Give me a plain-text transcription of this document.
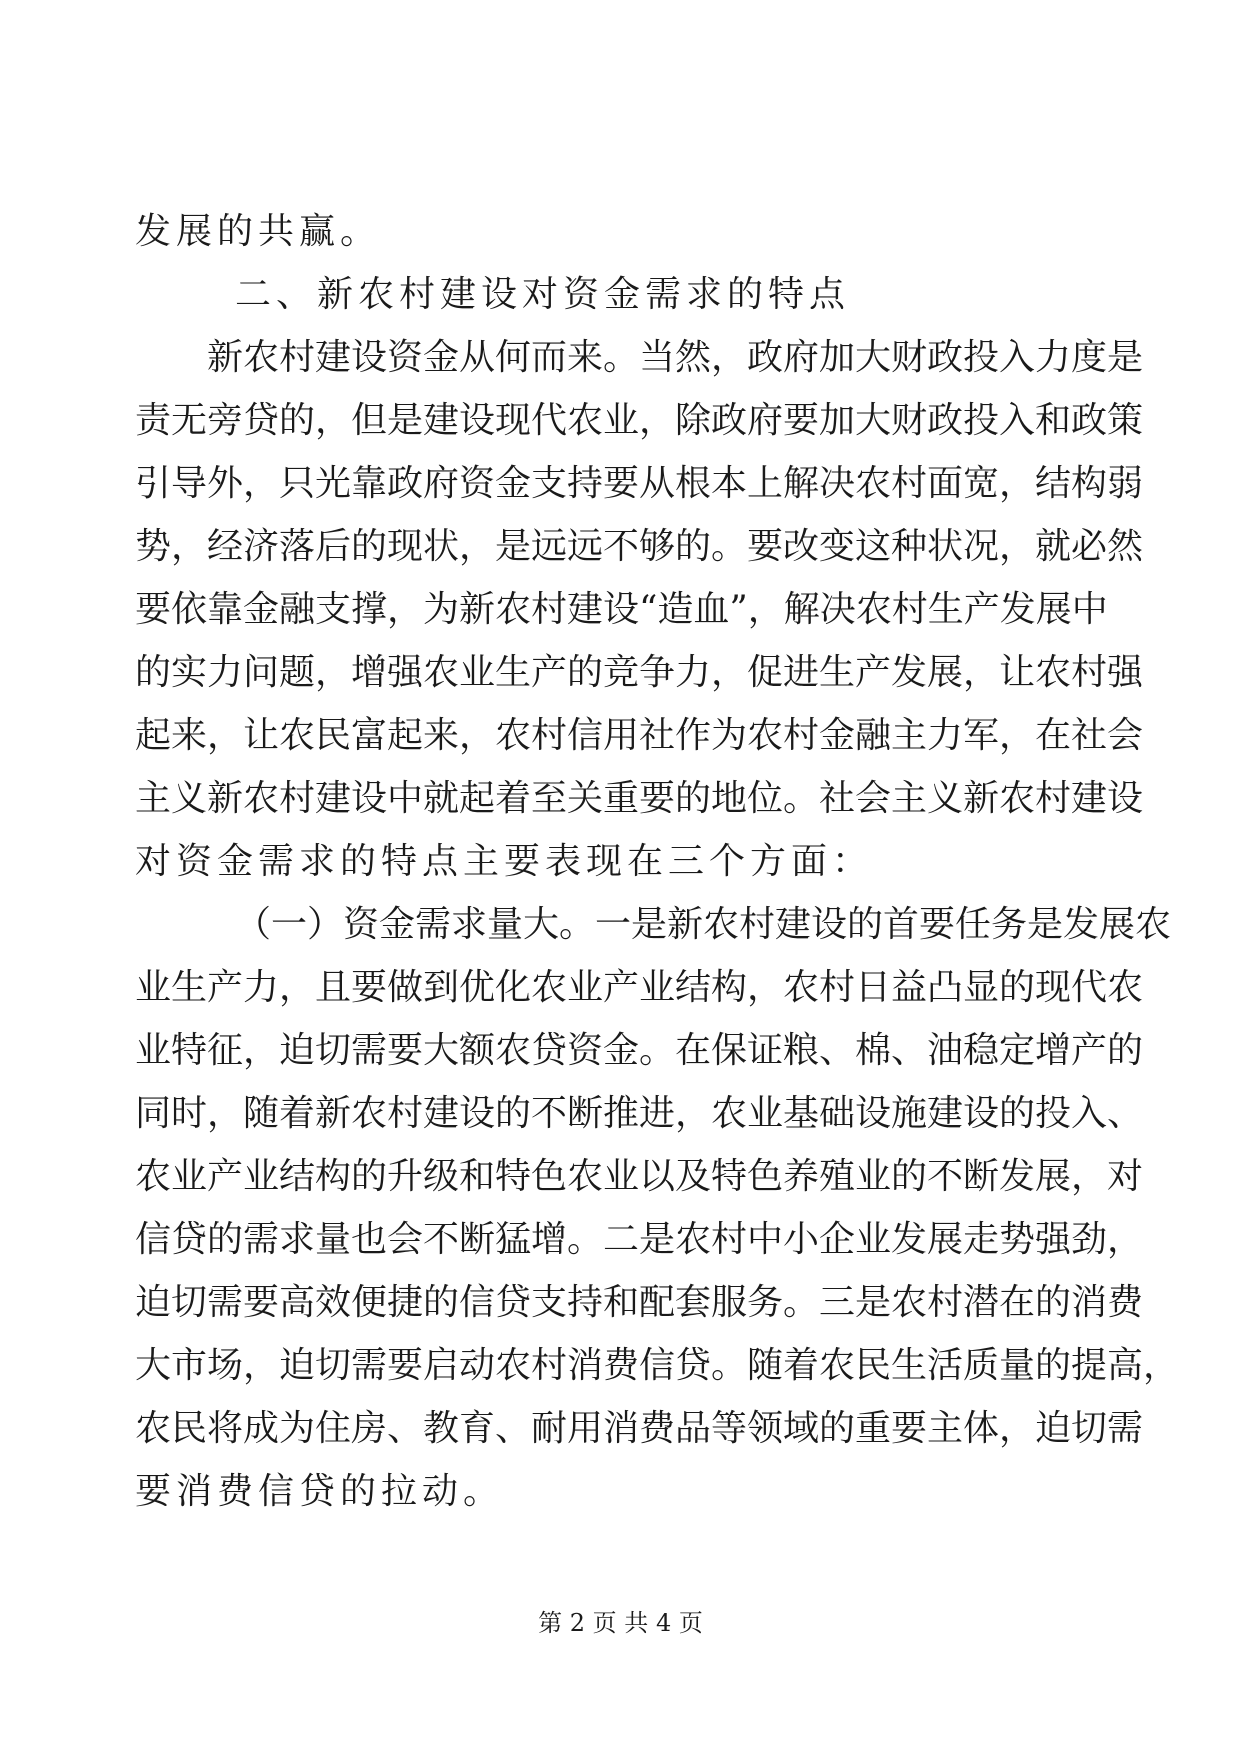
发展的共赢。

二、新农村建设对资金需求的特点

新农村建设资金从何而来。当然，政府加大财政投入力度是

责无旁贷的，但是建设现代农业，除政府要加大财政投入和政策

引导外，只光靠政府资金支持要从根本上解决农村面宽，结构弱

势，经济落后的现状，是远远不够的。要改变这种状况，就必然

要依靠金融支撑，为新农村建设“造血”，解决农村生产发展中

的实力问题，增强农业生产的竞争力，促进生产发展，让农村强

起来，让农民富起来，农村信用社作为农村金融主力军，在社会

主义新农村建设中就起着至关重要的地位。社会主义新农村建设

对资金需求的特点主要表现在三个方面：

（一）资金需求量大。一是新农村建设的首要任务是发展农

业生产力，且要做到优化农业产业结构，农村日益凸显的现代农

业特征，迫切需要大额农贷资金。在保证粮、棉、油稳定增产的

同时，随着新农村建设的不断推进，农业基础设施建设的投入、

农业产业结构的升级和特色农业以及特色养殖业的不断发展，对

信贷的需求量也会不断猛增。二是农村中小企业发展走势强劲，

迫切需要高效便捷的信贷支持和配套服务。三是农村潜在的消费

大市场，迫切需要启动农村消费信贷。随着农民生活质量的提高，

农民将成为住房、教育、耐用消费品等领域的重要主体，迫切需

要消费信贷的拉动。

第 2 页 共 4 页
